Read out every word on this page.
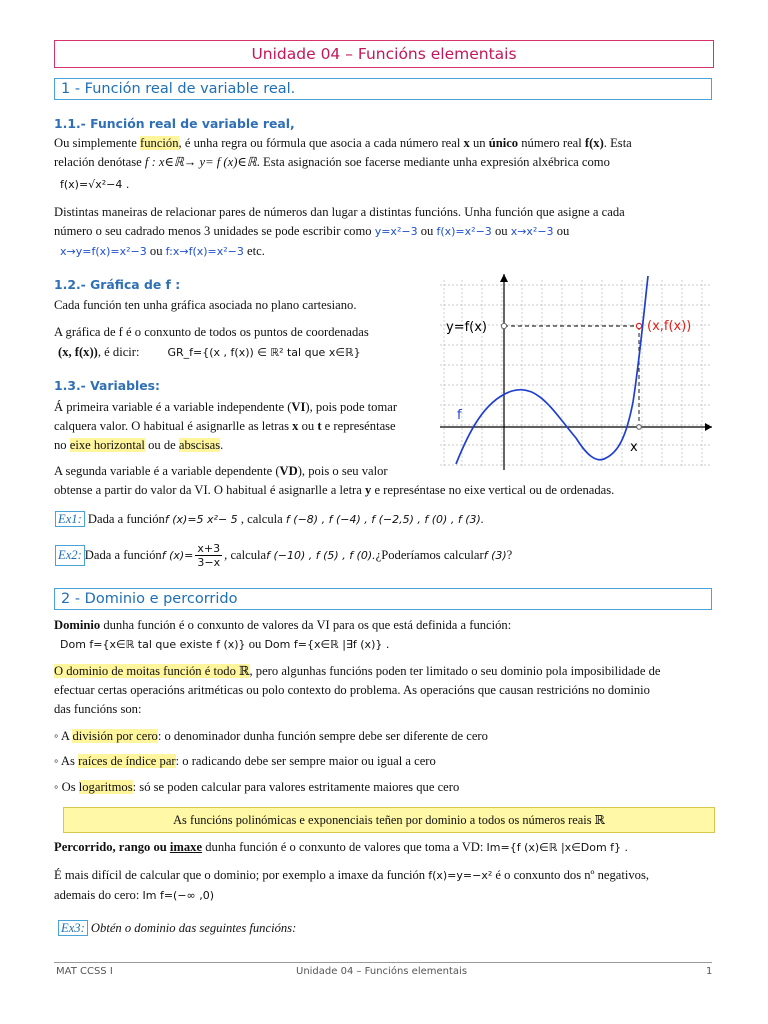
Unidade 04 – Funcións elementais
1 - Función real de variable real.
1.1.- Función real de variable real,
Ou simplemente función, é unha regra ou fórmula que asocia a cada número real x un único número real f(x). Esta
relación denótase f : x∈ℝ→ y= f (x)∈ℝ. Esta asignación soe facerse mediante unha expresión alxébrica como
f(x)=√x²−4 .
Distintas maneiras de relacionar pares de números dan lugar a distintas funcións. Unha función que asigne a cada
número o seu cadrado menos 3 unidades se pode escribir como y=x²−3 ou f(x)=x²−3 ou x→x²−3 ou
x→y=f(x)=x²−3 ou f:x→f(x)=x²−3 etc.
1.2.- Gráfica de f :
Cada función ten unha gráfica asociada no plano cartesiano.
A gráfica de f é o conxunto de todos os puntos de coordenadas
(x, f(x)), é dicir:	GR_f={(x , f(x)) ∈ ℝ² tal que x∈ℝ}
1.3.- Variables:
Á primeira variable é a variable independente (VI), pois pode tomar
calquera valor. O habitual é asignarlle as letras x ou t e represéntase
no eixe horizontal ou de abscisas.
A segunda variable é a variable dependente (VD), pois o seu valor
obtense a partir do valor da VI. O habitual é asignarlle a letra y e represéntase no eixe vertical ou de ordenadas.
y=f(x)	(x,f(x))
f
x
Ex1: Dada a funciónf (x)=5 x²− 5 , calcula f (−8) , f (−4) , f (−2,5) , f (0) , f (3).
Ex2: Dada a función f $(x)= \frac{x+3}{3-x}$ , calcula f (−10) , f (5) , f (0). ¿Poderíamos calcular f (3) ?
2 - Dominio e percorrido
Dominio dunha función é o conxunto de valores da VI para os que está definida a función:
Dom f={x∈ℝ tal que existe f (x)} ou Dom f={x∈ℝ |∃f (x)} .
O dominio de moitas función é todo ℝ, pero algunhas funcións poden ter limitado o seu dominio pola imposibilidade de
efectuar certas operacións aritméticas ou polo contexto do problema. As operacións que causan restricións no dominio
das funcións son:
◦ A división por cero: o denominador dunha función sempre debe ser diferente de cero
◦ As raíces de índice par: o radicando debe ser sempre maior ou igual a cero
◦ Os logaritmos: só se poden calcular para valores estritamente maiores que cero
As funcións polinómicas e exponenciais teñen por dominio a todos os números reais ℝ
Percorrido, rango ou imaxe dunha función é o conxunto de valores que toma a VD: Im={f (x)∈ℝ |x∈Dom f} .
É mais difícil de calcular que o dominio; por exemplo a imaxe da función f(x)=y=−x² é o conxunto dos nº negativos,
ademais do cero: Im f=(−∞ ,0)
Ex3: Obtén o dominio das seguintes funcións:
MAT CCSS I	Unidade 04 – Funcións elementais	1
